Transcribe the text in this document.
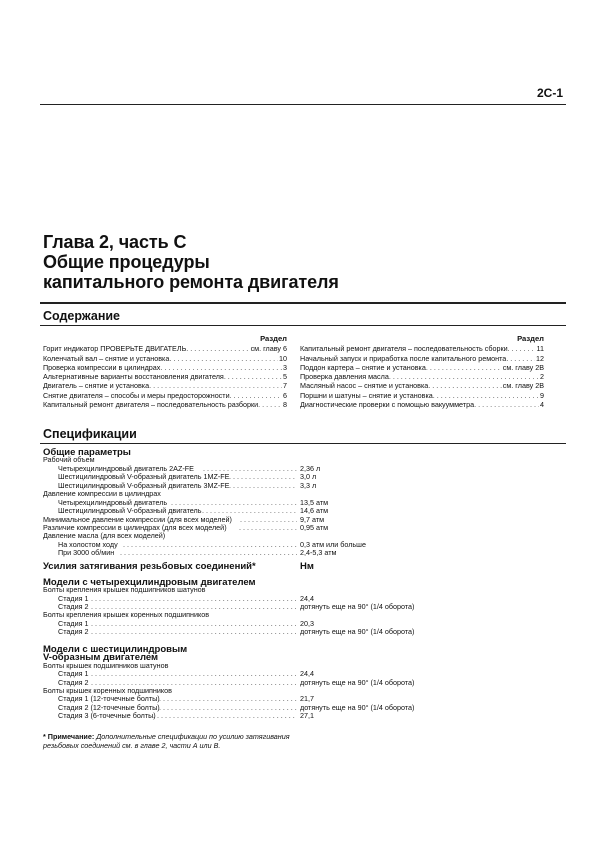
2C-1
Глава 2, часть С
Общие процедуры
капитального ремонта двигателя
Содержание
Раздел
Горит индикатор ПРОВЕРЬТЕ ДВИГАТЕЛЬ . . .	см. главу 6
Коленчатый вал – снятие и установка . . .	10
Проверка компрессии в цилиндрах . . .	3
Альтернативные варианты восстановления двигателя . . .	5
Двигатель – снятие и установка . . .	7
Снятие двигателя – способы и меры предосторожности . . .	6
Капитальный ремонт двигателя – последовательность разборки . . .	8
Раздел
Капитальный ремонт двигателя – последовательность сборки . . .	11
Начальный запуск и приработка после капитального ремонта . . .	12
Поддон картера – снятие и установка . . .	см. главу 2В
Проверка давления масла . . .	2
Масляный насос – снятие и установка . . .	см. главу 2В
Поршни и шатуны – снятие и установка . . .	9
Диагностические проверки с помощью вакуумметра . . .	4
Спецификации
Общие параметры
Рабочий объем
Четырехцилиндровый двигатель 2AZ-FE . . .	2,36 л
Шестицилиндровый V-образный двигатель 1MZ-FE . . .	3,0 л
Шестицилиндровый V-образный двигатель 3MZ-FE . . .	3,3 л
Давление компрессии в цилиндрах
Четырехцилиндровый двигатель . . .	13,5 атм
Шестицилиндровый V-образный двигатель . . .	14,6 атм
Минимальное давление компрессии (для всех моделей) . . .	9,7 атм
Различие компрессии в цилиндрах (для всех моделей) . . .	0,95 атм
Давление масла (для всех моделей)
На холостом ходу . . .	0,3 атм или больше
При 3000 об/мин . . .	2,4-5,3 атм
Усилия затягивания резьбовых соединений*	Нм
Модели с четырехцилиндровым двигателем
Болты крепления крышек подшипников шатунов
Стадия 1 . . .	24,4
Стадия 2 . . .	дотянуть еще на 90° (1/4 оборота)
Болты крепления крышек коренных подшипников
Стадия 1 . . .	20,3
Стадия 2 . . .	дотянуть еще на 90° (1/4 оборота)
Модели с шестицилиндровым
V-образным двигателем
Болты крышек подшипников шатунов
Стадия 1 . . .	24,4
Стадия 2 . . .	дотянуть еще на 90° (1/4 оборота)
Болты крышек коренных подшипников
Стадия 1 (12-точечные болты) . . .	21,7
Стадия 2 (12-точечные болты) . . .	дотянуть еще на 90° (1/4 оборота)
Стадия 3 (6-точечные болты) . . .	27,1
* Примечание: Дополнительные спецификации по усилию затягивания резьбовых соединений см. в главе 2, части А или В.
